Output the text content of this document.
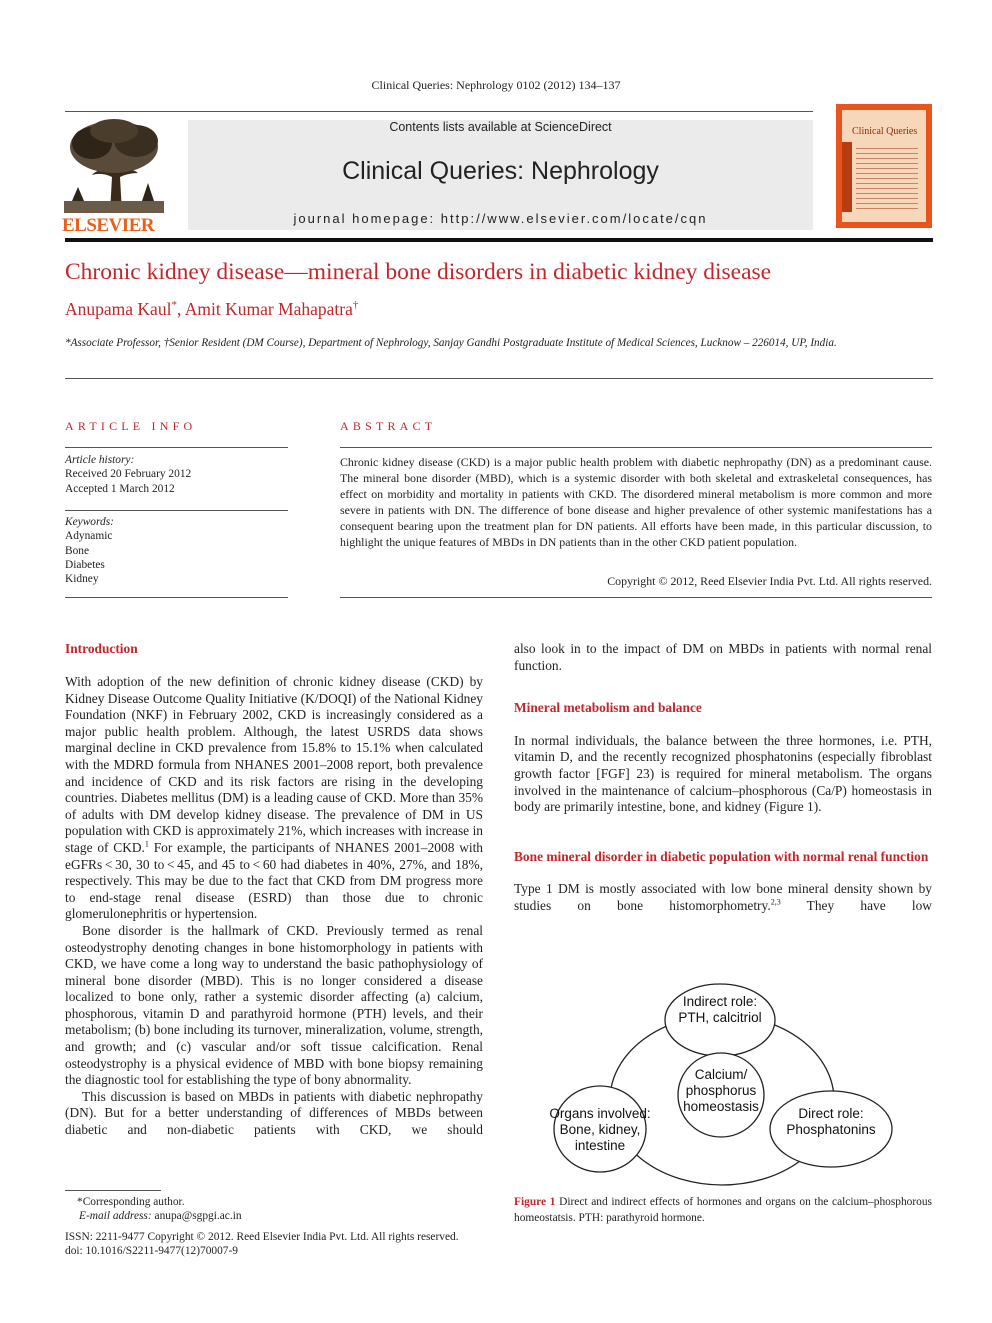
Clinical Queries: Nephrology 0102 (2012) 134–137
ELSEVIER
Contents lists available at ScienceDirect
Clinical Queries: Nephrology
journal homepage: http://www.elsevier.com/locate/cqn
Clinical Queries
Chronic kidney disease—mineral bone disorders in diabetic kidney disease
Anupama Kaul*, Amit Kumar Mahapatra†
*Associate Professor, †Senior Resident (DM Course), Department of Nephrology, Sanjay Gandhi Postgraduate Institute of Medical Sciences, Lucknow – 226014, UP, India.
ARTICLE INFO
Article history:
Received 20 February 2012
Accepted 1 March 2012
Keywords:
Adynamic
Bone
Diabetes
Kidney
ABSTRACT
Chronic kidney disease (CKD) is a major public health problem with diabetic nephropathy (DN) as a predominant cause. The mineral bone disorder (MBD), which is a systemic disorder with both skeletal and extraskeletal consequences, has effect on morbidity and mortality in patients with CKD. The disordered mineral metabolism is more common and more severe in patients with DN. The difference of bone disease and higher prevalence of other systemic manifestations has a consequent bearing upon the treatment plan for DN patients. All efforts have been made, in this particular discussion, to highlight the unique features of MBDs in DN patients than in the other CKD patient population.
Copyright © 2012, Reed Elsevier India Pvt. Ltd. All rights reserved.
Introduction

With adoption of the new definition of chronic kidney disease (CKD) by Kidney Disease Outcome Quality Initiative (K/DOQI) of the National Kidney Foundation (NKF) in February 2002, CKD is increasingly considered as a major public health problem. Although, the latest USRDS data shows marginal decline in CKD prevalence from 15.8% to 15.1% when calculated with the MDRD formula from NHANES 2001–2008 report, both prevalence and incidence of CKD and its risk factors are rising in the developing countries. Diabetes mellitus (DM) is a leading cause of CKD. More than 35% of adults with DM develop kidney disease. The prevalence of DM in US population with CKD is approximately 21%, which increases with increase in stage of CKD.$^1$ For example, the participants of NHANES 2001–2008 with eGFRs < 30, 30 to < 45, and 45 to < 60 had diabetes in 40%, 27%, and 18%, respectively. This may be due to the fact that CKD from DM progress more to end-stage renal disease (ESRD) than those due to chronic glomerulonephritis or hypertension.

Bone disorder is the hallmark of CKD. Previously termed as renal osteodystrophy denoting changes in bone histomorphology in patients with CKD, we have come a long way to understand the basic pathophysiology of mineral bone disorder (MBD). This is no longer considered a disease localized to bone only, rather a systemic disorder affecting (a) calcium, phosphorous, vitamin D and parathyroid hormone (PTH) levels, and their metabolism; (b) bone including its turnover, mineralization, volume, strength, and growth; and (c) vascular and/or soft tissue calcification. Renal osteodystrophy is a physical evidence of MBD with bone biopsy remaining the diagnostic tool for establishing the type of bony abnormality.

This discussion is based on MBDs in patients with diabetic nephropathy (DN). But for a better understanding of differences of MBDs between diabetic and non-diabetic patients with CKD, we should

*Corresponding author.
E-mail address: anupa@sgpgi.ac.in
ISSN: 2211-9477 Copyright © 2012. Reed Elsevier India Pvt. Ltd. All rights reserved.
doi: 10.1016/S2211-9477(12)70007-9

also look in to the impact of DM on MBDs in patients with normal renal function.

Mineral metabolism and balance

In normal individuals, the balance between the three hormones, i.e. PTH, vitamin D, and the recently recognized phosphatonins (especially fibroblast growth factor [FGF] 23) is required for mineral metabolism. The organs involved in the maintenance of calcium–phosphorous (Ca/P) homeostasis in body are primarily intestine, bone, and kidney (Figure 1).

Bone mineral disorder in diabetic population with normal renal function

Type 1 DM is mostly associated with low bone mineral density shown by studies on bone histomorphometry.$^{2,3}$ They have low

Indirect role:
PTH, calcitriol
Calcium/
phosphorus
homeostasis
Organs involved:
Bone, kidney,
intestine
Direct role:
Phosphatonins
Figure 1 Direct and indirect effects of hormones and organs on the calcium–phosphorous homeostatsis. PTH: parathyroid hormone.
